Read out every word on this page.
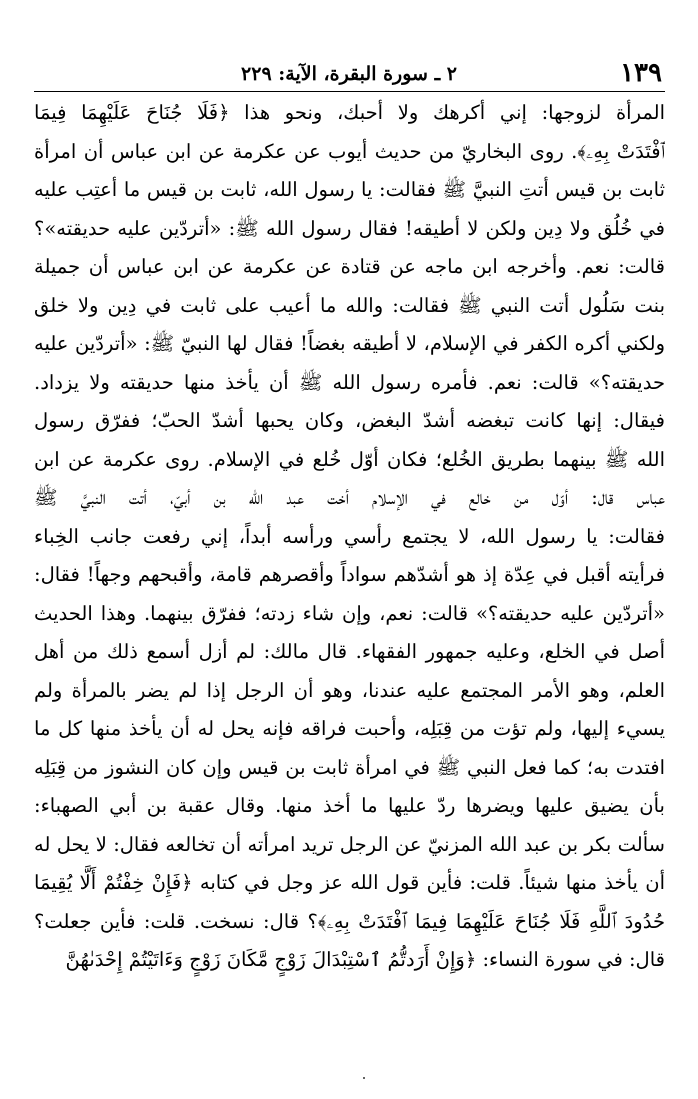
١٣٩
٢ ـ سورة البقرة، الآية: ٢٢٩
المرأة لزوجها: إني أكرهك ولا أحبك، ونحو هذا ﴿فَلَا جُنَاحَ عَلَيْهِمَا فِيمَا
ٱفْتَدَتْ بِهِۦ﴾. روى البخاريّ من حديث أيوب عن عكرمة عن ابن عباس أن امرأة
ثابت بن قيس أتتِ النبيَّ ﷺ فقالت: يا رسول الله، ثابت بن قيس ما أعتِب عليه
في خُلُق ولا دِين ولكن لا أطيقه! فقال رسول الله ﷺ: «أتردّين عليه حديقته»؟
قالت: نعم. وأخرجه ابن ماجه عن قتادة عن عكرمة عن ابن عباس أن جميلة
بنت سَلُول أتت النبي ﷺ فقالت: والله ما أعيب على ثابت في دِين ولا خلق
ولكني أكره الكفر في الإسلام، لا أطيقه بغضاً! فقال لها النبيّ ﷺ: «أتردّين عليه
حديقته؟» قالت: نعم. فأمره رسول الله ﷺ أن يأخذ منها حديقته ولا يزداد.
فيقال: إنها كانت تبغضه أشدّ البغض، وكان يحبها أشدّ الحبّ؛ ففرّق رسول
الله ﷺ بينهما بطريق الخُلع؛ فكان أوّل خُلع في الإسلام. روى عكرمة عن ابن
عباس قال: أوّل من خالع في الإسلام أخت عبد الله بن أبيّ، أتت النبيَّ ﷺ
فقالت: يا رسول الله، لا يجتمع رأسي ورأسه أبداً، إني رفعت جانب الخِباء
فرأيته أقبل في عِدّة إذ هو أشدّهم سواداً وأقصرهم قامة، وأقبحهم وجهاً! فقال:
«أتردّين عليه حديقته؟» قالت: نعم، وإن شاء زدته؛ ففرّق بينهما. وهذا الحديث
أصل في الخلع، وعليه جمهور الفقهاء. قال مالك: لم أزل أسمع ذلك من أهل
العلم، وهو الأمر المجتمع عليه عندنا، وهو أن الرجل إذا لم يضر بالمرأة ولم
يسيء إليها، ولم تؤت من قِبَلِه، وأحبت فراقه فإنه يحل له أن يأخذ منها كل ما
افتدت به؛ كما فعل النبي ﷺ في امرأة ثابت بن قيس وإن كان النشوز من قِبَلِه
بأن يضيق عليها ويضرها ردّ عليها ما أخذ منها. وقال عقبة بن أبي الصهباء:
سألت بكر بن عبد الله المزنيّ عن الرجل تريد امرأته أن تخالعه فقال: لا يحل له
أن يأخذ منها شيئاً. قلت: فأين قول الله عز وجل في كتابه ﴿فَإِنْ خِفْتُمْ أَلَّا يُقِيمَا
حُدُودَ ٱللَّهِ فَلَا جُنَاحَ عَلَيْهِمَا فِيمَا ٱفْتَدَتْ بِهِۦ﴾؟ قال: نسخت. قلت: فأين جعلت؟
قال: في سورة النساء: ﴿وَإِنْ أَرَدتُّمُ ٱسْتِبْدَالَ زَوْجٍ مَّكَانَ زَوْجٍ وَءَاتَيْتُمْ إِحْدَىٰهُنَّ
